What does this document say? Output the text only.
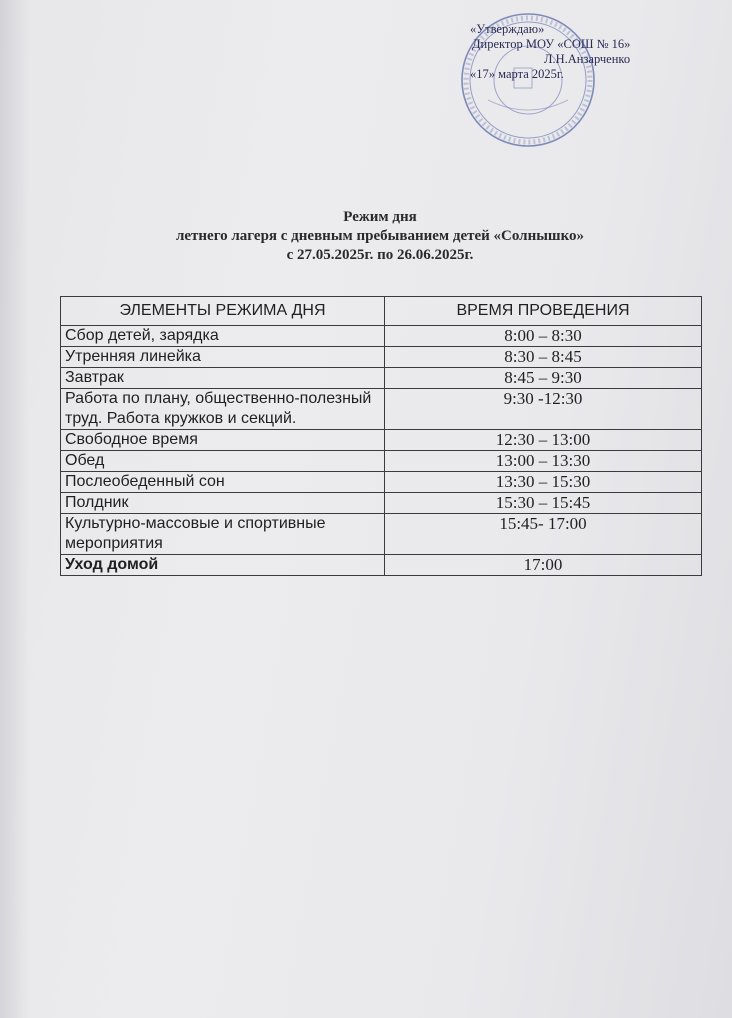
«Утверждаю»
Директор МОУ «СОШ № 16»
Л.Н.Анзарченко
«17» марта 2025г.
Режим дня
летнего лагеря с дневным пребыванием детей «Солнышко»
с 27.05.2025г. по 26.06.2025г.
ЭЛЕМЕНТЫ РЕЖИМА ДНЯ	ВРЕМЯ ПРОВЕДЕНИЯ
Сбор детей, зарядка	8:00 – 8:30
Утренняя линейка	8:30 – 8:45
Завтрак	8:45 – 9:30
Работа по плану, общественно-полезный труд. Работа кружков и секций.	9:30 -12:30
Свободное время	12:30 – 13:00
Обед	13:00 – 13:30
Послеобеденный сон	13:30 – 15:30
Полдник	15:30 – 15:45
Культурно-массовые и спортивные мероприятия	15:45- 17:00
Уход домой	17:00
